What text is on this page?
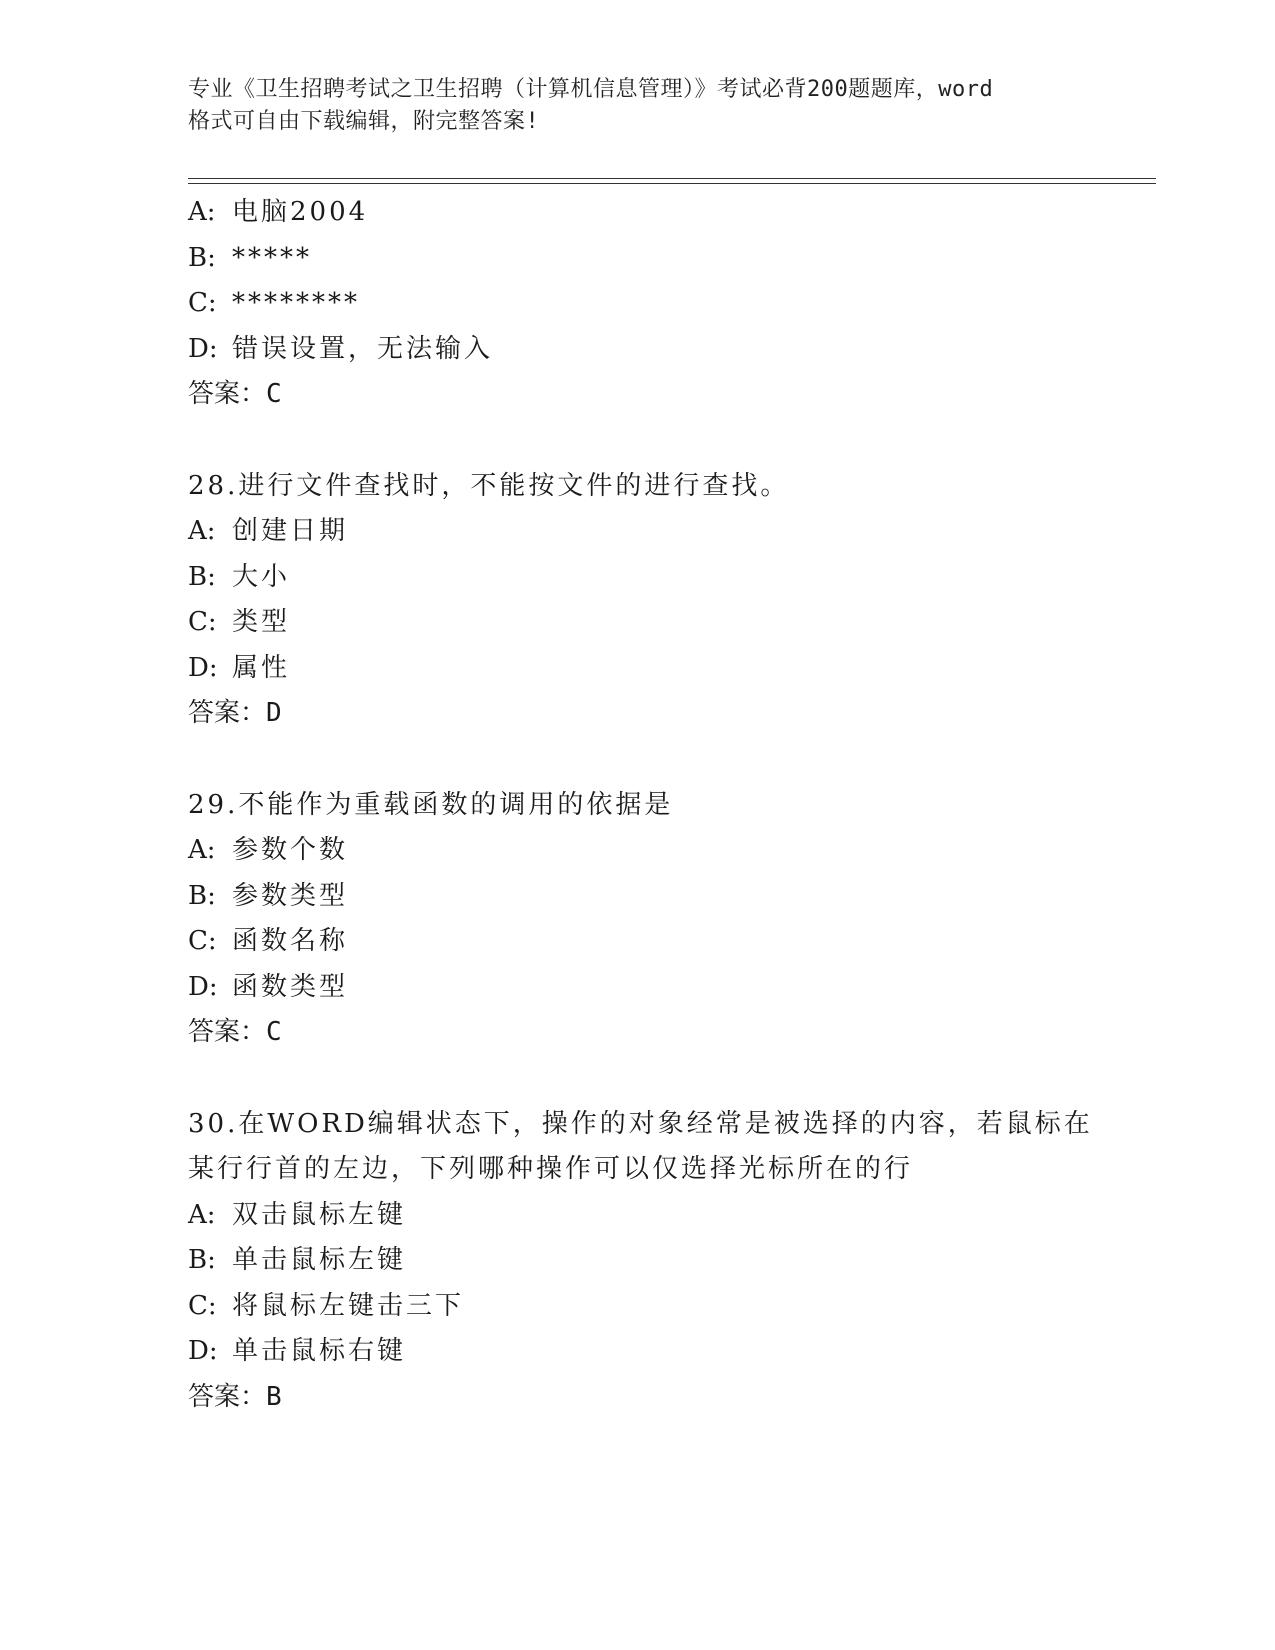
专业《卫生招聘考试之卫生招聘（计算机信息管理）》考试必背200题题库，word
格式可自由下载编辑，附完整答案!
A: 电脑2004
B: *****
C: ********
D: 错误设置，无法输入
答案：C
28.进行文件查找时，不能按文件的进行查找。
A: 创建日期
B: 大小
C: 类型
D: 属性
答案：D
29.不能作为重载函数的调用的依据是
A: 参数个数
B: 参数类型
C: 函数名称
D: 函数类型
答案：C
30.在WORD编辑状态下，操作的对象经常是被选择的内容，若鼠标在
某行行首的左边，下列哪种操作可以仅选择光标所在的行
A: 双击鼠标左键
B: 单击鼠标左键
C: 将鼠标左键击三下
D: 单击鼠标右键
答案：B
